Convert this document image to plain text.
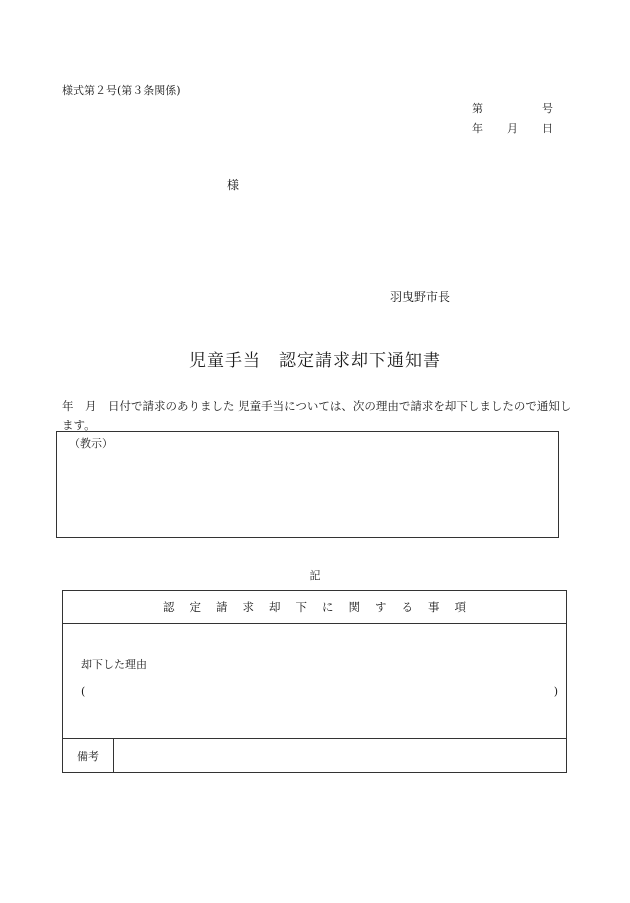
様式第２号(第３条関係)
第	号
年 月 日
様
羽曳野市長
児童手当　認定請求却下通知書
年　月　日付で請求のありました 児童手当については、次の理由で請求を却下しましたので通知します。
（教示）
記
認定請求却下に関する事項
却下した理由
(	)
備考
